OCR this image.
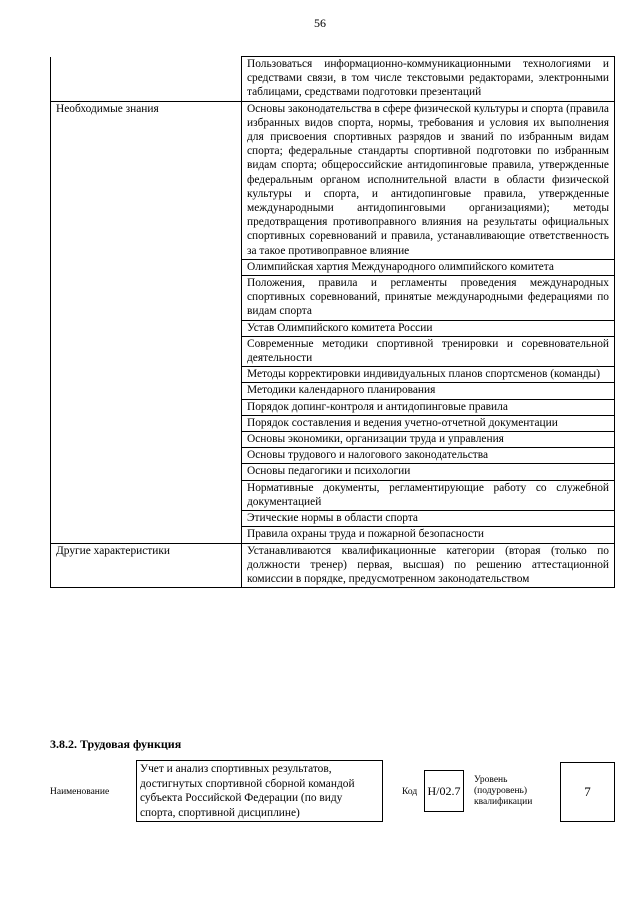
56
	Пользоваться информационно-коммуникационными технологиями и средствами связи, в том числе текстовыми редакторами, электронными таблицами, средствами подготовки презентаций
Необходимые знания	Основы законодательства в сфере физической культуры и спорта (правила избранных видов спорта, нормы, требования и условия их выполнения для присвоения спортивных разрядов и званий по избранным видам спорта; федеральные стандарты спортивной подготовки по избранным видам спорта; общероссийские антидопинговые правила, утвержденные федеральным органом исполнительной власти в области физической культуры и спорта, и антидопинговые правила, утвержденные международными антидопинговыми организациями); методы предотвращения противоправного влияния на результаты официальных спортивных соревнований и правила, устанавливающие ответственность за такое противоправное влияние
	Олимпийская хартия Международного олимпийского комитета
	Положения, правила и регламенты проведения международных спортивных соревнований, принятые международными федерациями по видам спорта
	Устав Олимпийского комитета России
	Современные методики спортивной тренировки и соревновательной деятельности
	Методы корректировки индивидуальных планов спортсменов (команды)
	Методики календарного планирования
	Порядок допинг-контроля и антидопинговые правила
	Порядок составления и ведения учетно-отчетной документации
	Основы экономики, организации труда и управления
	Основы трудового и налогового законодательства
	Основы педагогики и психологии
	Нормативные документы, регламентирующие работу со служебной документацией
	Этические нормы в области спорта
	Правила охраны труда и пожарной безопасности
Другие характеристики	Устанавливаются квалификационные категории (вторая (только по должности тренер) первая, высшая) по решению аттестационной комиссии в порядке, предусмотренном законодательством
3.8.2. Трудовая функция
Наименование
Учет и анализ спортивных результатов, достигнутых спортивной сборной командой субъекта Российской Федерации (по виду спорта, спортивной дисциплине)
Код Н/02.7
Уровень (подуровень) квалификации
7
